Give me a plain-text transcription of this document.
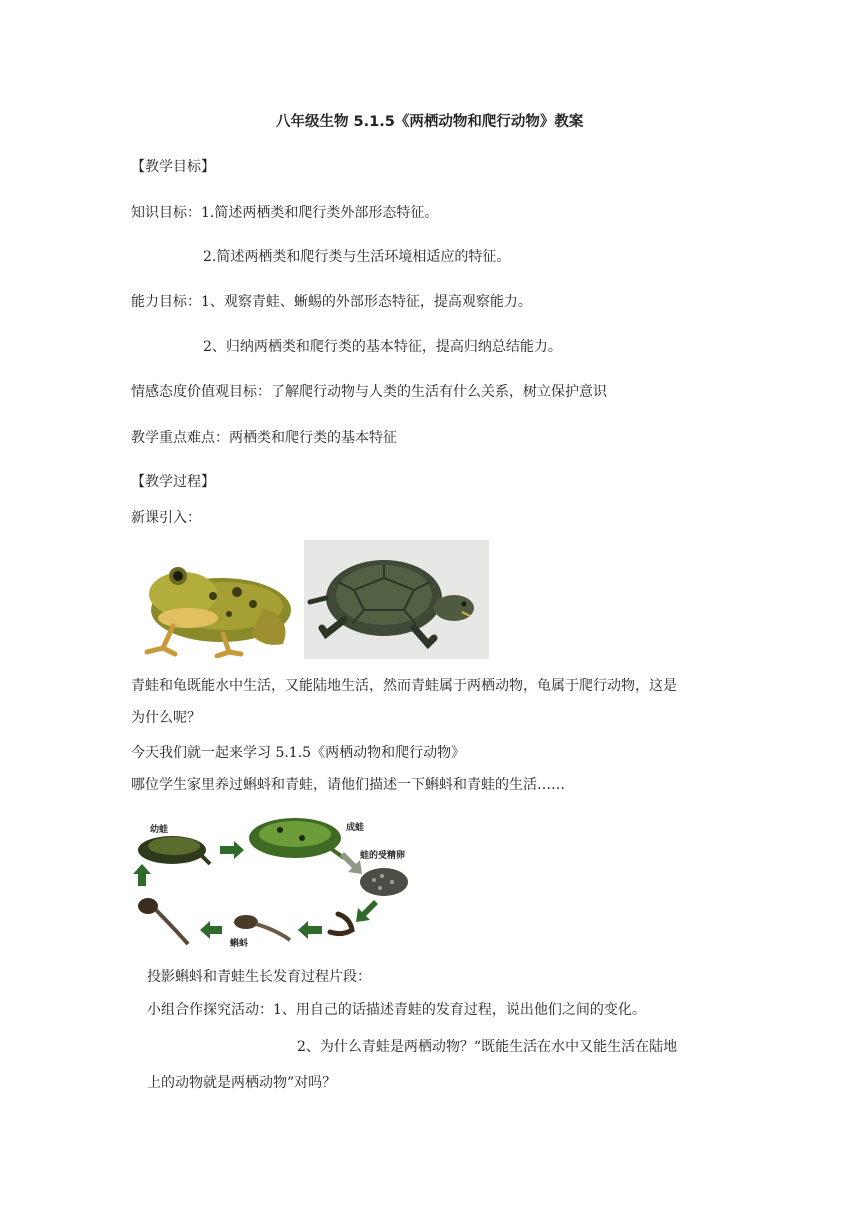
八年级生物 5.1.5《两栖动物和爬行动物》教案
【教学目标】
知识目标：1.简述两栖类和爬行类外部形态特征。
2.简述两栖类和爬行类与生活环境相适应的特征。
能力目标：1、观察青蛙、蜥蜴的外部形态特征，提高观察能力。
2、归纳两栖类和爬行类的基本特征，提高归纳总结能力。
情感态度价值观目标：了解爬行动物与人类的生活有什么关系，树立保护意识
教学重点难点：两栖类和爬行类的基本特征
【教学过程】
新课引入：
青蛙和龟既能水中生活，又能陆地生活，然而青蛙属于两栖动物，龟属于爬行动物，这是
为什么呢？
今天我们就一起来学习 5.1.5《两栖动物和爬行动物》
哪位学生家里养过蝌蚪和青蛙，请他们描述一下蝌蚪和青蛙的生活……
幼蛙	成蛙
蛙的受精卵
蝌蚪
投影蝌蚪和青蛙生长发育过程片段：
小组合作探究活动：1、用自己的话描述青蛙的发育过程，说出他们之间的变化。
2、为什么青蛙是两栖动物？“既能生活在水中又能生活在陆地
上的动物就是两栖动物”对吗？
